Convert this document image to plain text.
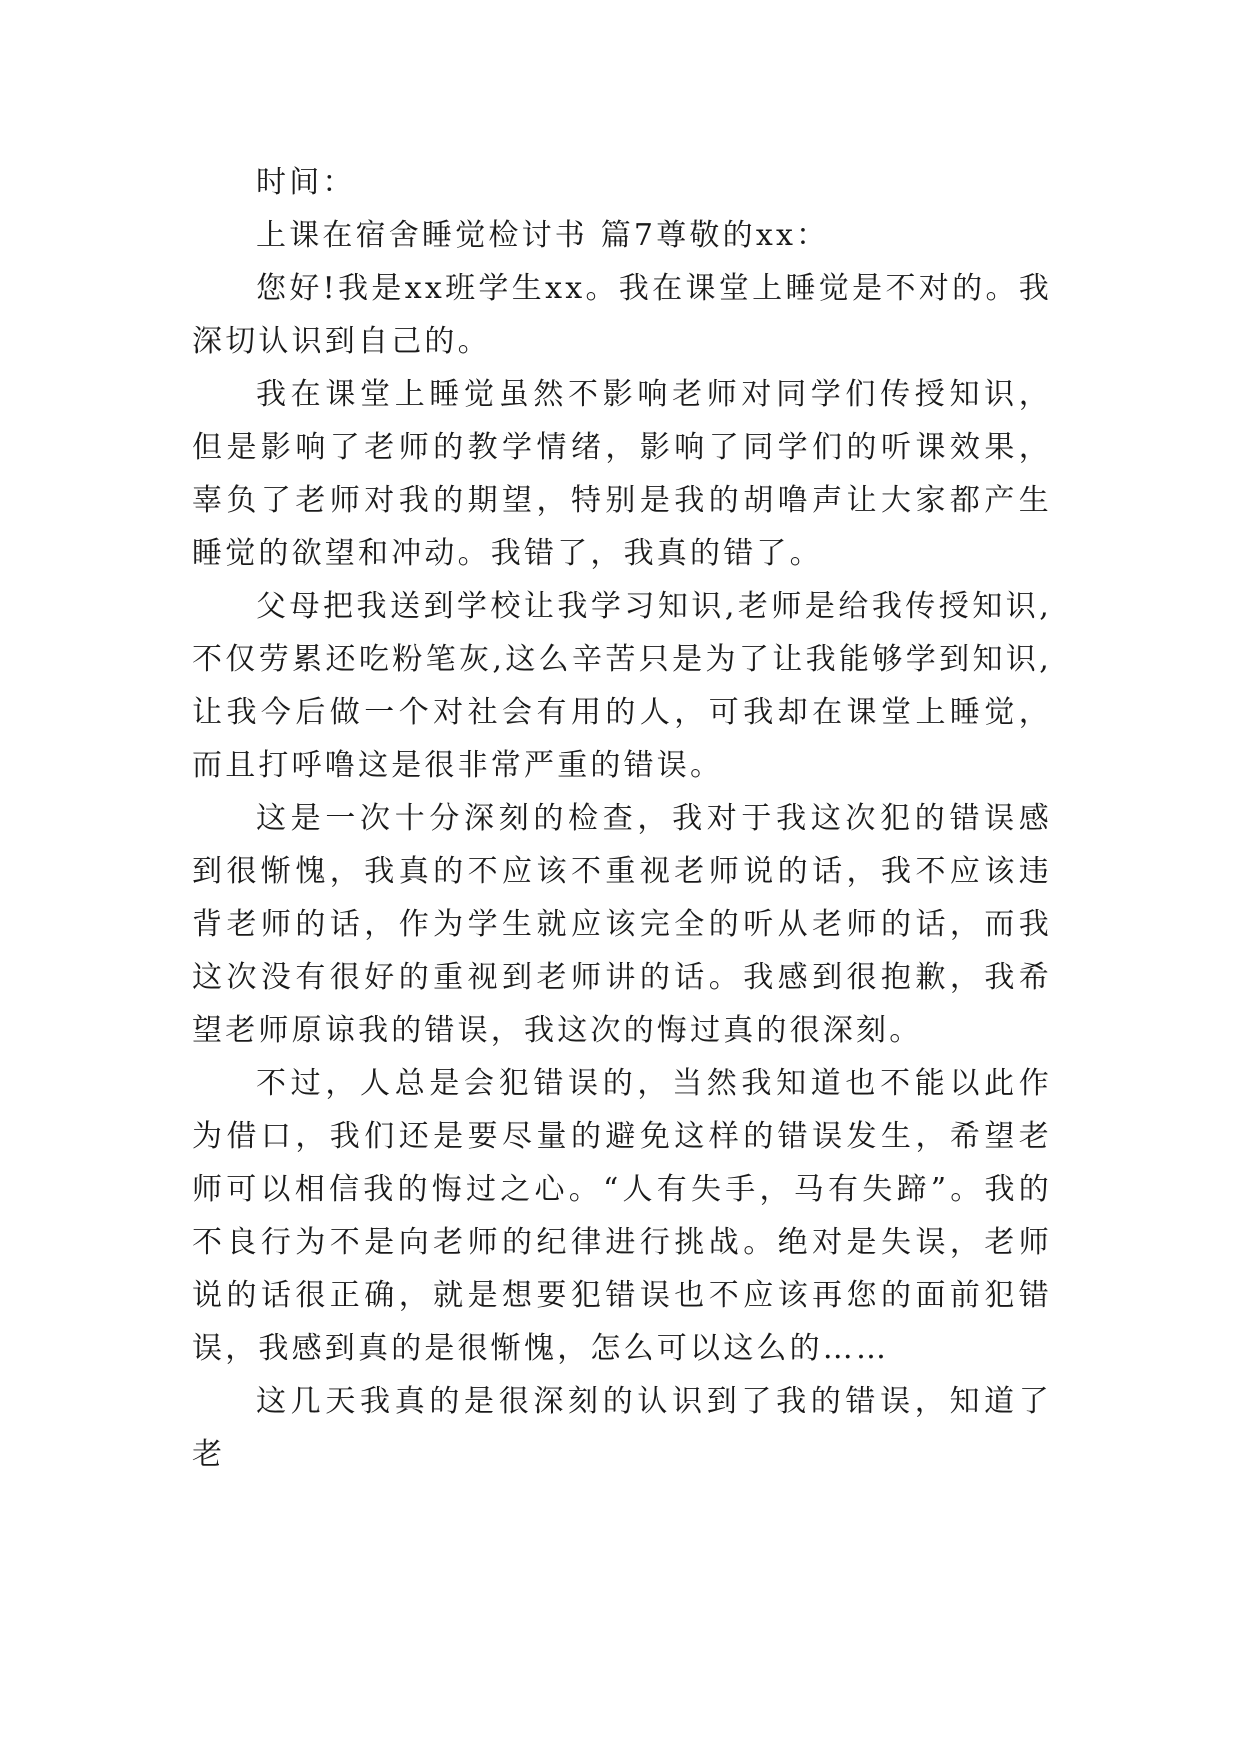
时间：

上课在宿舍睡觉检讨书 篇7尊敬的xx：

您好!我是xx班学生xx。我在课堂上睡觉是不对的。我深切认识到自己的。

我在课堂上睡觉虽然不影响老师对同学们传授知识，但是影响了老师的教学情绪，影响了同学们的听课效果，辜负了老师对我的期望，特别是我的胡噜声让大家都产生睡觉的欲望和冲动。我错了，我真的错了。

父母把我送到学校让我学习知识,老师是给我传授知识,不仅劳累还吃粉笔灰,这么辛苦只是为了让我能够学到知识,让我今后做一个对社会有用的人，可我却在课堂上睡觉，而且打呼噜这是很非常严重的错误。

这是一次十分深刻的检查，我对于我这次犯的错误感到很惭愧，我真的不应该不重视老师说的话，我不应该违背老师的话，作为学生就应该完全的听从老师的话，而我这次没有很好的重视到老师讲的话。我感到很抱歉，我希望老师原谅我的错误，我这次的悔过真的很深刻。

不过，人总是会犯错误的，当然我知道也不能以此作为借口，我们还是要尽量的避免这样的错误发生，希望老师可以相信我的悔过之心。“人有失手，马有失蹄”。我的不良行为不是向老师的纪律进行挑战。绝对是失误，老师说的话很正确，就是想要犯错误也不应该再您的面前犯错误，我感到真的是很惭愧，怎么可以这么的……

这几天我真的是很深刻的认识到了我的错误，知道了老
